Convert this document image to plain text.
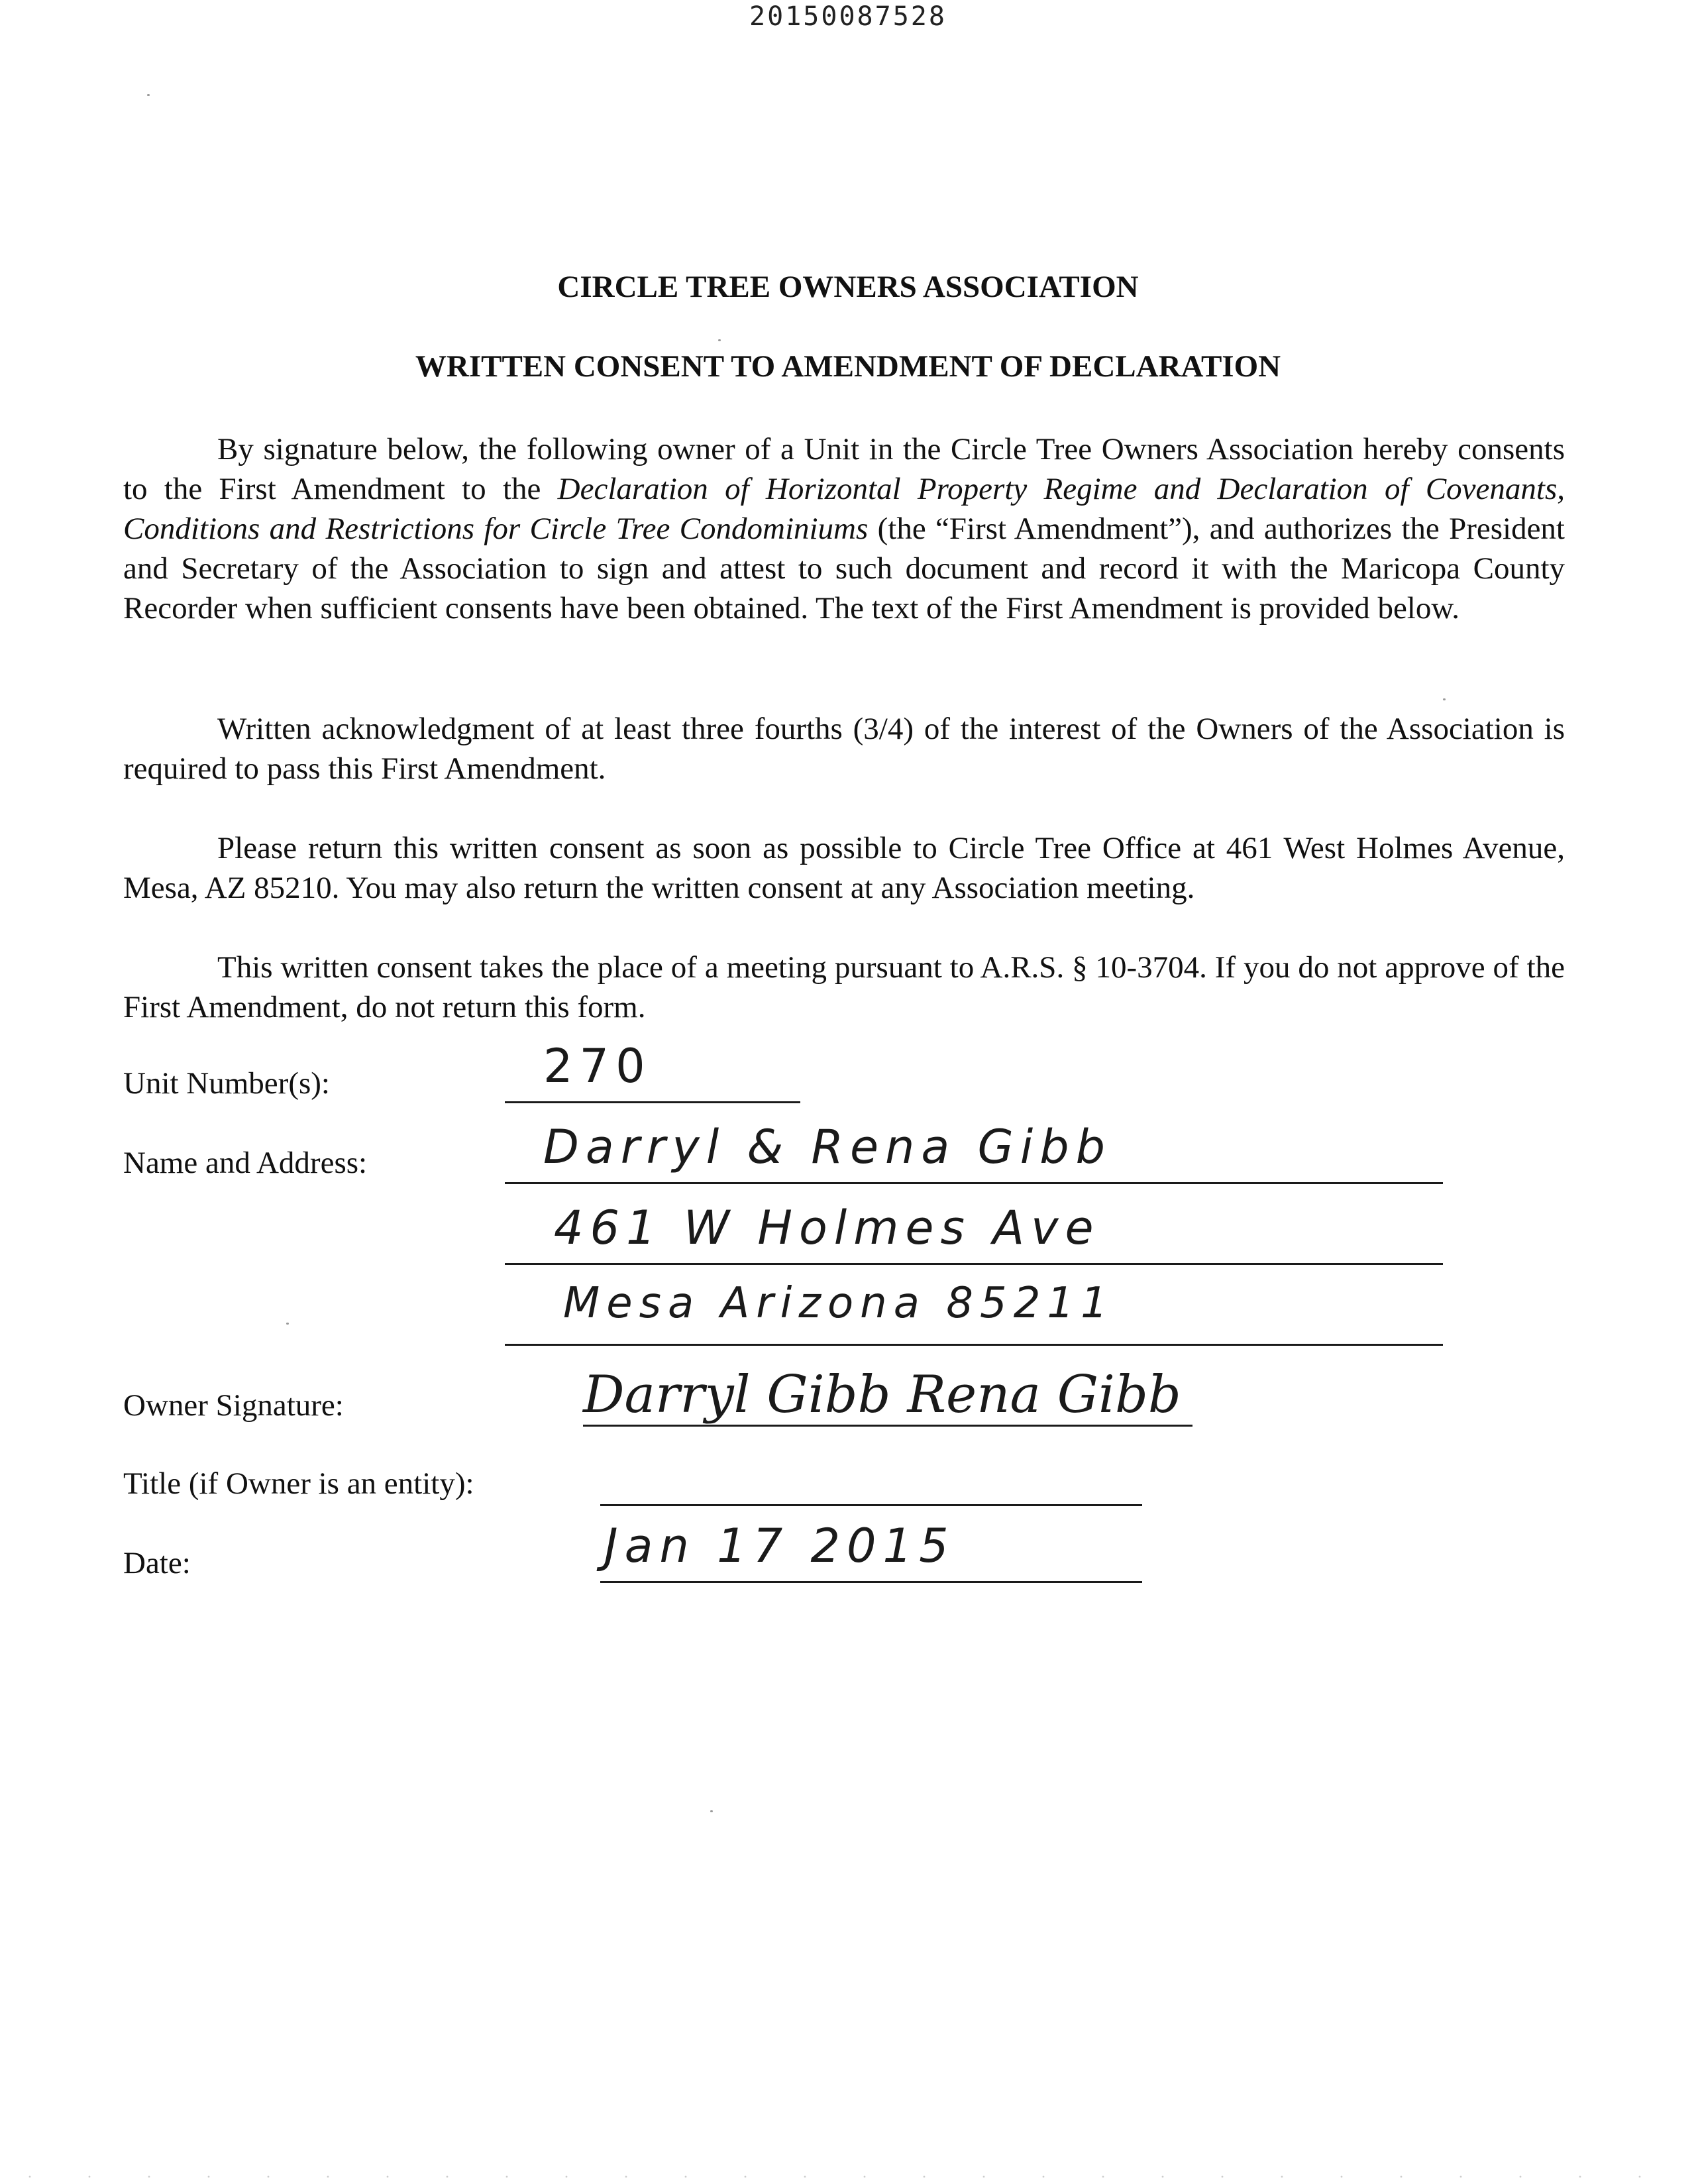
20150087528
CIRCLE TREE OWNERS ASSOCIATION
WRITTEN CONSENT TO AMENDMENT OF DECLARATION

By signature below, the following owner of a Unit in the Circle Tree Owners Association hereby consents to the First Amendment to the Declaration of Horizontal Property Regime and Declaration of Covenants, Conditions and Restrictions for Circle Tree Condominiums (the “First Amendment”), and authorizes the President and Secretary of the Association to sign and attest to such document and record it with the Maricopa County Recorder when sufficient consents have been obtained. The text of the First Amendment is provided below.

Written acknowledgment of at least three fourths (3/4) of the interest of the Owners of the Association is required to pass this First Amendment.

Please return this written consent as soon as possible to Circle Tree Office at 461 West Holmes Avenue, Mesa, AZ 85210. You may also return the written consent at any Association meeting.

This written consent takes the place of a meeting pursuant to A.R.S. § 10-3704. If you do not approve of the First Amendment, do not return this form.

Unit Number(s):	270
Name and Address:	Darryl & Rena Gibb
461 W Holmes Ave
Mesa Arizona 85211
Owner Signature:	Darryl Gibb Rena Gibb
Title (if Owner is an entity):
Date:	Jan 17 2015
